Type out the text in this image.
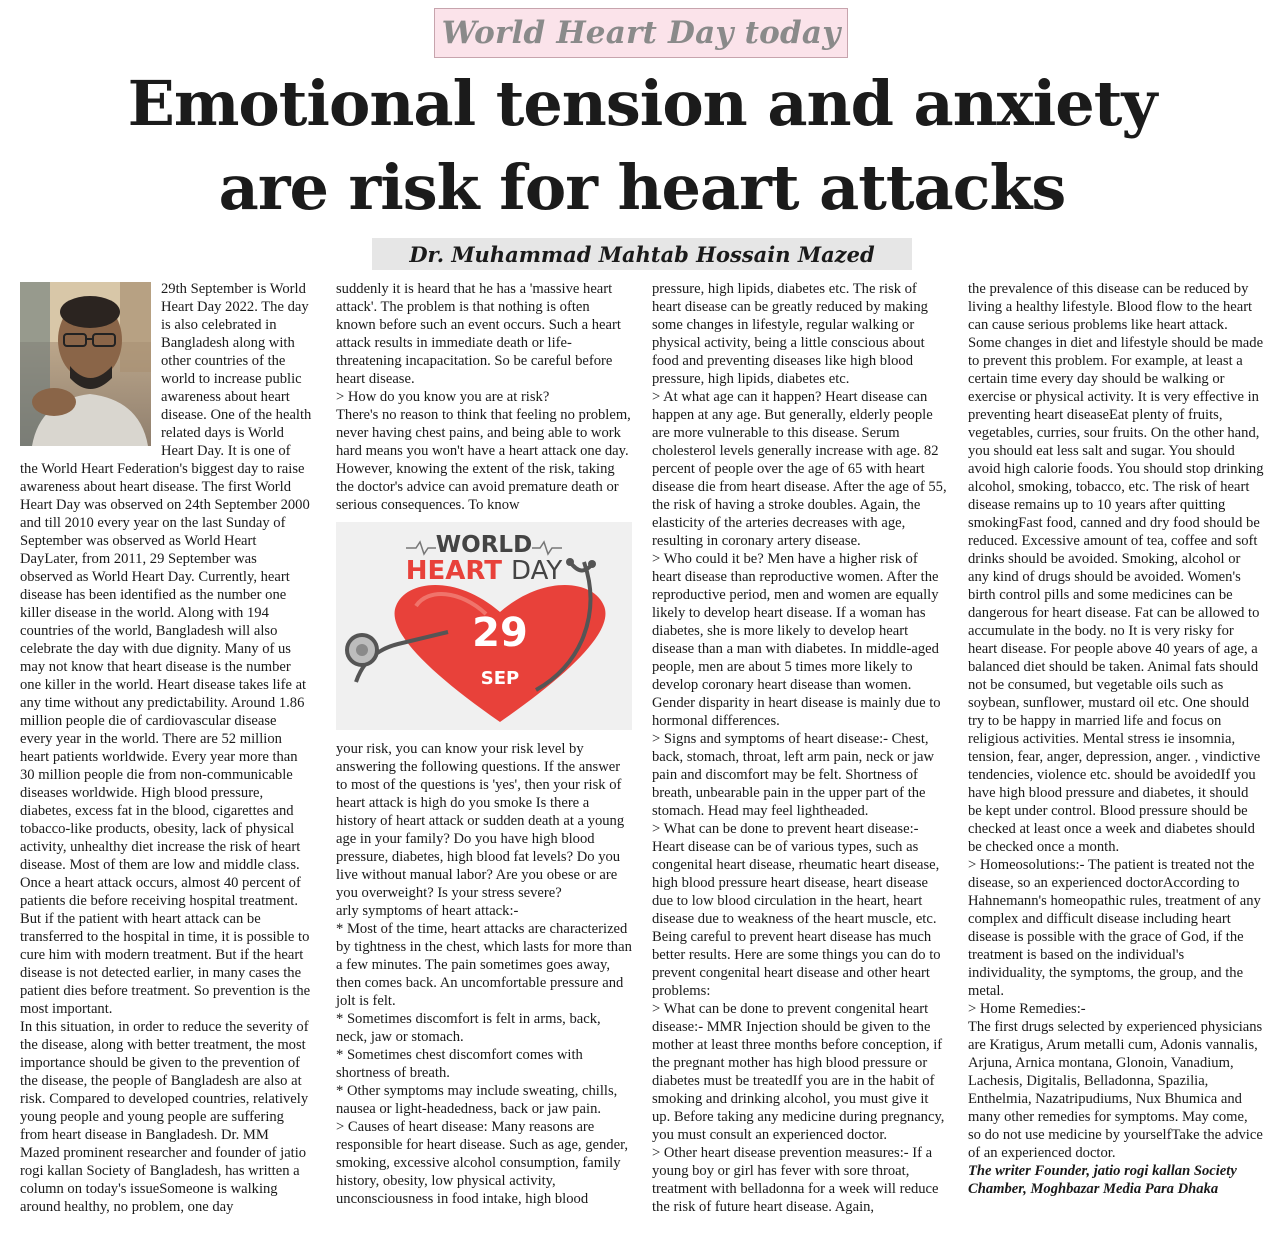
World Heart Day today
Emotional tension and anxiety
are risk for heart attacks
Dr. Muhammad Mahtab Hossain Mazed

29th September is World Heart Day 2022. The day is also celebrated in Bangladesh along with other countries of the world to increase public awareness about heart disease. One of the health related days is World Heart Day. It is one of the World Heart Federation's biggest day to raise awareness about heart disease. The first World Heart Day was observed on 24th September 2000 and till 2010 every year on the last Sunday of September was observed as World Heart DayLater, from 2011, 29 September was observed as World Heart Day. Currently, heart disease has been identified as the number one killer disease in the world. Along with 194 countries of the world, Bangladesh will also celebrate the day with due dignity. Many of us may not know that heart disease is the number one killer in the world. Heart disease takes life at any time without any predictability. Around 1.86 million people die of cardiovascular disease every year in the world. There are 52 million heart patients worldwide. Every year more than 30 million people die from non-communicable diseases worldwide. High blood pressure, diabetes, excess fat in the blood, cigarettes and tobacco-like products, obesity, lack of physical activity, unhealthy diet increase the risk of heart disease. Most of them are low and middle class. Once a heart attack occurs, almost 40 percent of patients die before receiving hospital treatment. But if the patient with heart attack can be transferred to the hospital in time, it is possible to cure him with modern treatment. But if the heart disease is not detected earlier, in many cases the patient dies before treatment. So prevention is the most important.

In this situation, in order to reduce the severity of the disease, along with better treatment, the most importance should be given to the prevention of the disease, the people of Bangladesh are also at risk. Compared to developed countries, relatively young people and young people are suffering from heart disease in Bangladesh. Dr. MM Mazed prominent researcher and founder of jatio rogi kallan Society of Bangladesh, has written a column on today's issueSomeone is walking around healthy, no problem, one day

suddenly it is heard that he has a 'massive heart attack'. The problem is that nothing is often known before such an event occurs. Such a heart attack results in immediate death or life-threatening incapacitation. So be careful before heart disease.

> How do you know you are at risk?

There's no reason to think that feeling no problem, never having chest pains, and being able to work hard means you won't have a heart attack one day. However, knowing the extent of the risk, taking the doctor's advice can avoid premature death or serious consequences. To know

WORLD
HEART DAY
29
SEP

your risk, you can know your risk level by answering the following questions. If the answer to most of the questions is 'yes', then your risk of heart attack is high do you smoke Is there a history of heart attack or sudden death at a young age in your family? Do you have high blood pressure, diabetes, high blood fat levels? Do you live without manual labor? Are you obese or are you overweight? Is your stress severe?

arly symptoms of heart attack:-

* Most of the time, heart attacks are characterized by tightness in the chest, which lasts for more than a few minutes. The pain sometimes goes away, then comes back. An uncomfortable pressure and jolt is felt.

* Sometimes discomfort is felt in arms, back, neck, jaw or stomach.

* Sometimes chest discomfort comes with shortness of breath.

* Other symptoms may include sweating, chills, nausea or light-headedness, back or jaw pain.

> Causes of heart disease: Many reasons are responsible for heart disease. Such as age, gender, smoking, excessive alcohol consumption, family history, obesity, low physical activity, unconsciousness in food intake, high blood

pressure, high lipids, diabetes etc. The risk of heart disease can be greatly reduced by making some changes in lifestyle, regular walking or physical activity, being a little conscious about food and preventing diseases like high blood pressure, high lipids, diabetes etc.

> At what age can it happen? Heart disease can happen at any age. But generally, elderly people are more vulnerable to this disease. Serum cholesterol levels generally increase with age. 82 percent of people over the age of 65 with heart disease die from heart disease. After the age of 55, the risk of having a stroke doubles. Again, the elasticity of the arteries decreases with age, resulting in coronary artery disease.

> Who could it be? Men have a higher risk of heart disease than reproductive women. After the reproductive period, men and women are equally likely to develop heart disease. If a woman has diabetes, she is more likely to develop heart disease than a man with diabetes. In middle-aged people, men are about 5 times more likely to develop coronary heart disease than women. Gender disparity in heart disease is mainly due to hormonal differences.

> Signs and symptoms of heart disease:- Chest, back, stomach, throat, left arm pain, neck or jaw pain and discomfort may be felt. Shortness of breath, unbearable pain in the upper part of the stomach. Head may feel lightheaded.

> What can be done to prevent heart disease:- Heart disease can be of various types, such as congenital heart disease, rheumatic heart disease, high blood pressure heart disease, heart disease due to low blood circulation in the heart, heart disease due to weakness of the heart muscle, etc. Being careful to prevent heart disease has much better results. Here are some things you can do to prevent congenital heart disease and other heart problems:

> What can be done to prevent congenital heart disease:- MMR Injection should be given to the mother at least three months before conception, if the pregnant mother has high blood pressure or diabetes must be treatedIf you are in the habit of smoking and drinking alcohol, you must give it up. Before taking any medicine during pregnancy, you must consult an experienced doctor.

> Other heart disease prevention measures:- If a young boy or girl has fever with sore throat, treatment with belladonna for a week will reduce the risk of future heart disease. Again,

the prevalence of this disease can be reduced by living a healthy lifestyle. Blood flow to the heart can cause serious problems like heart attack. Some changes in diet and lifestyle should be made to prevent this problem. For example, at least a certain time every day should be walking or exercise or physical activity. It is very effective in preventing heart diseaseEat plenty of fruits, vegetables, curries, sour fruits. On the other hand, you should eat less salt and sugar. You should avoid high calorie foods. You should stop drinking alcohol, smoking, tobacco, etc. The risk of heart disease remains up to 10 years after quitting smokingFast food, canned and dry food should be reduced. Excessive amount of tea, coffee and soft drinks should be avoided. Smoking, alcohol or any kind of drugs should be avoided. Women's birth control pills and some medicines can be dangerous for heart disease. Fat can be allowed to accumulate in the body. no It is very risky for heart disease. For people above 40 years of age, a balanced diet should be taken. Animal fats should not be consumed, but vegetable oils such as soybean, sunflower, mustard oil etc. One should try to be happy in married life and focus on religious activities. Mental stress ie insomnia, tension, fear, anger, depression, anger. , vindictive tendencies, violence etc. should be avoidedIf you have high blood pressure and diabetes, it should be kept under control. Blood pressure should be checked at least once a week and diabetes should be checked once a month.

> Homeosolutions:- The patient is treated not the disease, so an experienced doctorAccording to Hahnemann's homeopathic rules, treatment of any complex and difficult disease including heart disease is possible with the grace of God, if the treatment is based on the individual's individuality, the symptoms, the group, and the metal.

> Home Remedies:-

The first drugs selected by experienced physicians are Kratigus, Arum metalli cum, Adonis vannalis, Arjuna, Arnica montana, Glonoin, Vanadium, Lachesis, Digitalis, Belladonna, Spazilia, Enthelmia, Nazatripudiums, Nux Bhumica and many other remedies for symptoms. May come, so do not use medicine by yourselfTake the advice of an experienced doctor.

The writer Founder, jatio rogi kallan Society

Chamber, Moghbazar Media Para Dhaka
